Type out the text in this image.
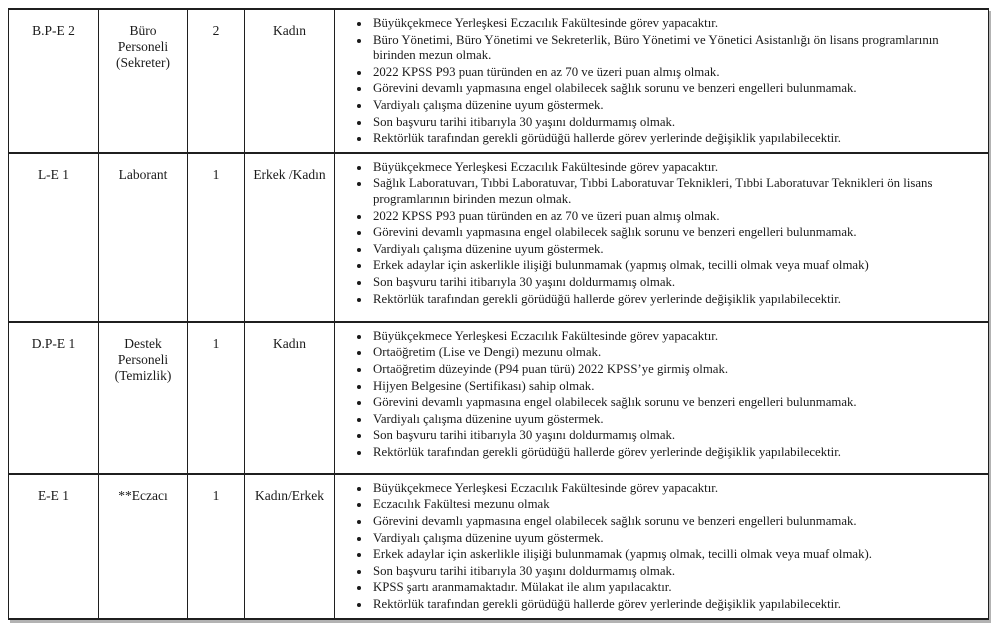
B.P-E 2	Büro Personeli (Sekreter)	2	Kadın	
•Büyükçekmece Yerleşkesi Eczacılık Fakültesinde görev yapacaktır.
• Büro Yönetimi, Büro Yönetimi ve Sekreterlik, Büro Yönetimi ve Yönetici Asistanlığı ön lisans programlarının birinden mezun olmak.
• 2022 KPSS P93 puan türünden en az 70 ve üzeri puan almış olmak.
• Görevini devamlı yapmasına engel olabilecek sağlık sorunu ve benzeri engelleri bulunmamak.
• Vardiyalı çalışma düzenine uyum göstermek.
• Son başvuru tarihi itibarıyla 30 yaşını doldurmamış olmak.
• Rektörlük tarafından gerekli görüdüğü hallerde görev yerlerinde değişiklik yapılabilecektir.

L-E 1	Laborant	1	Erkek /Kadın	
•Büyükçekmece Yerleşkesi Eczacılık Fakültesinde görev yapacaktır.
• Sağlık Laboratuvarı, Tıbbi Laboratuvar, Tıbbi Laboratuvar Teknikleri, Tıbbi Laboratuvar Teknikleri ön lisans programlarının birinden mezun olmak.
• 2022 KPSS P93 puan türünden en az 70 ve üzeri puan almış olmak.
• Görevini devamlı yapmasına engel olabilecek sağlık sorunu ve benzeri engelleri bulunmamak.
• Vardiyalı çalışma düzenine uyum göstermek.
• Erkek adaylar için askerlikle ilişiği bulunmamak (yapmış olmak, tecilli olmak veya muaf olmak)
• Son başvuru tarihi itibarıyla 30 yaşını doldurmamış olmak.
• Rektörlük tarafından gerekli görüdüğü hallerde görev yerlerinde değişiklik yapılabilecektir.

D.P-E 1	Destek Personeli (Temizlik)	1	Kadın	
•Büyükçekmece Yerleşkesi Eczacılık Fakültesinde görev yapacaktır.
• Ortaöğretim (Lise ve Dengi) mezunu olmak.
• Ortaöğretim düzeyinde (P94 puan türü) 2022 KPSS’ye girmiş olmak.
• Hijyen Belgesine (Sertifikası) sahip olmak.
• Görevini devamlı yapmasına engel olabilecek sağlık sorunu ve benzeri engelleri bulunmamak.
• Vardiyalı çalışma düzenine uyum göstermek.
• Son başvuru tarihi itibarıyla 30 yaşını doldurmamış olmak.
• Rektörlük tarafından gerekli görüdüğü hallerde görev yerlerinde değişiklik yapılabilecektir.

E-E 1	**Eczacı	1	Kadın/Erkek	
•Büyükçekmece Yerleşkesi Eczacılık Fakültesinde görev yapacaktır.
• Eczacılık Fakültesi mezunu olmak
• Görevini devamlı yapmasına engel olabilecek sağlık sorunu ve benzeri engelleri bulunmamak.
• Vardiyalı çalışma düzenine uyum göstermek.
• Erkek adaylar için askerlikle ilişiği bulunmamak (yapmış olmak, tecilli olmak veya muaf olmak).
• Son başvuru tarihi itibarıyla 30 yaşını doldurmamış olmak.
• KPSS şartı aranmamaktadır. Mülakat ile alım yapılacaktır.
• Rektörlük tarafından gerekli görüdüğü hallerde görev yerlerinde değişiklik yapılabilecektir.
